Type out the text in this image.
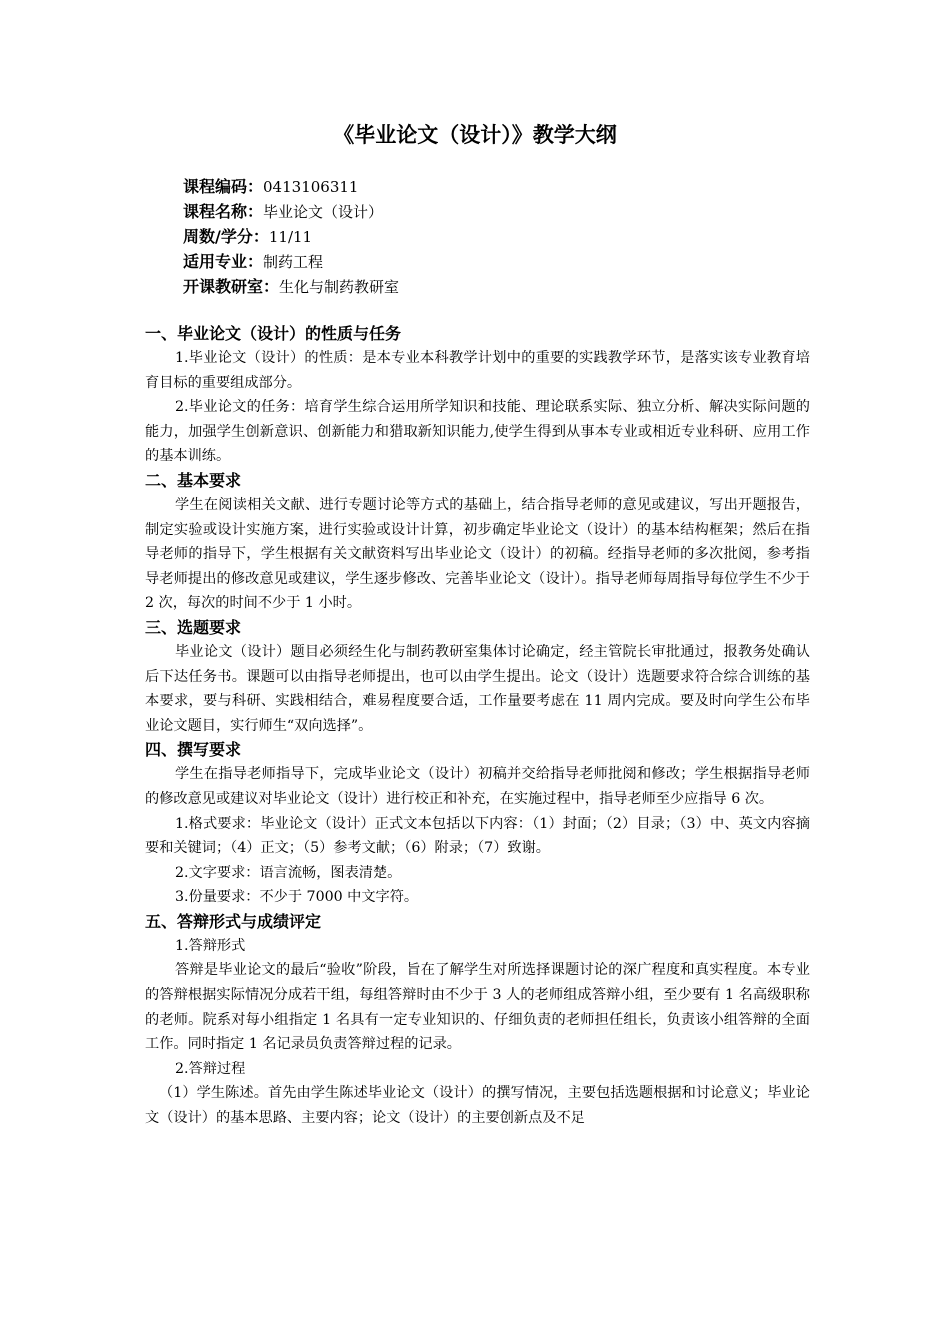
《毕业论文（设计）》教学大纲
课程编码：0413106311
课程名称：毕业论文（设计）
周数/学分：11/11
适用专业：制药工程
开课教研室：生化与制药教研室
一、毕业论文（设计）的性质与任务
1.毕业论文（设计）的性质：是本专业本科教学计划中的重要的实践教学环节，是落实该专业教育培育目标的重要组成部分。
2.毕业论文的任务：培育学生综合运用所学知识和技能、理论联系实际、独立分析、解决实际问题的能力，加强学生创新意识、创新能力和猎取新知识能力,使学生得到从事本专业或相近专业科研、应用工作的基本训练。
二、基本要求
学生在阅读相关文献、进行专题讨论等方式的基础上，结合指导老师的意见或建议，写出开题报告，制定实验或设计实施方案，进行实验或设计计算，初步确定毕业论文（设计）的基本结构框架；然后在指导老师的指导下，学生根据有关文献资料写出毕业论文（设计）的初稿。经指导老师的多次批阅，参考指导老师提出的修改意见或建议，学生逐步修改、完善毕业论文（设计）。指导老师每周指导每位学生不少于 2 次，每次的时间不少于 1 小时。
三、选题要求
毕业论文（设计）题目必须经生化与制药教研室集体讨论确定，经主管院长审批通过，报教务处确认后下达任务书。课题可以由指导老师提出，也可以由学生提出。论文（设计）选题要求符合综合训练的基本要求，要与科研、实践相结合，难易程度要合适，工作量要考虑在 11 周内完成。要及时向学生公布毕业论文题目，实行师生“双向选择”。
四、撰写要求
学生在指导老师指导下，完成毕业论文（设计）初稿并交给指导老师批阅和修改；学生根据指导老师的修改意见或建议对毕业论文（设计）进行校正和补充，在实施过程中，指导老师至少应指导 6 次。
1.格式要求：毕业论文（设计）正式文本包括以下内容：（1）封面；（2）目录；（3）中、英文内容摘要和关键词；（4）正文；（5）参考文献；（6）附录；（7）致谢。
2.文字要求：语言流畅，图表清楚。
3.份量要求：不少于 7000 中文字符。
五、答辩形式与成绩评定
1.答辩形式
答辩是毕业论文的最后“验收”阶段，旨在了解学生对所选择课题讨论的深广程度和真实程度。本专业的答辩根据实际情况分成若干组，每组答辩时由不少于 3 人的老师组成答辩小组，至少要有 1 名高级职称的老师。院系对每小组指定 1 名具有一定专业知识的、仔细负责的老师担任组长，负责该小组答辩的全面工作。同时指定 1 名记录员负责答辩过程的记录。
2.答辩过程
（1）学生陈述。首先由学生陈述毕业论文（设计）的撰写情况，主要包括选题根据和讨论意义；毕业论文（设计）的基本思路、主要内容；论文（设计）的主要创新点及不足
